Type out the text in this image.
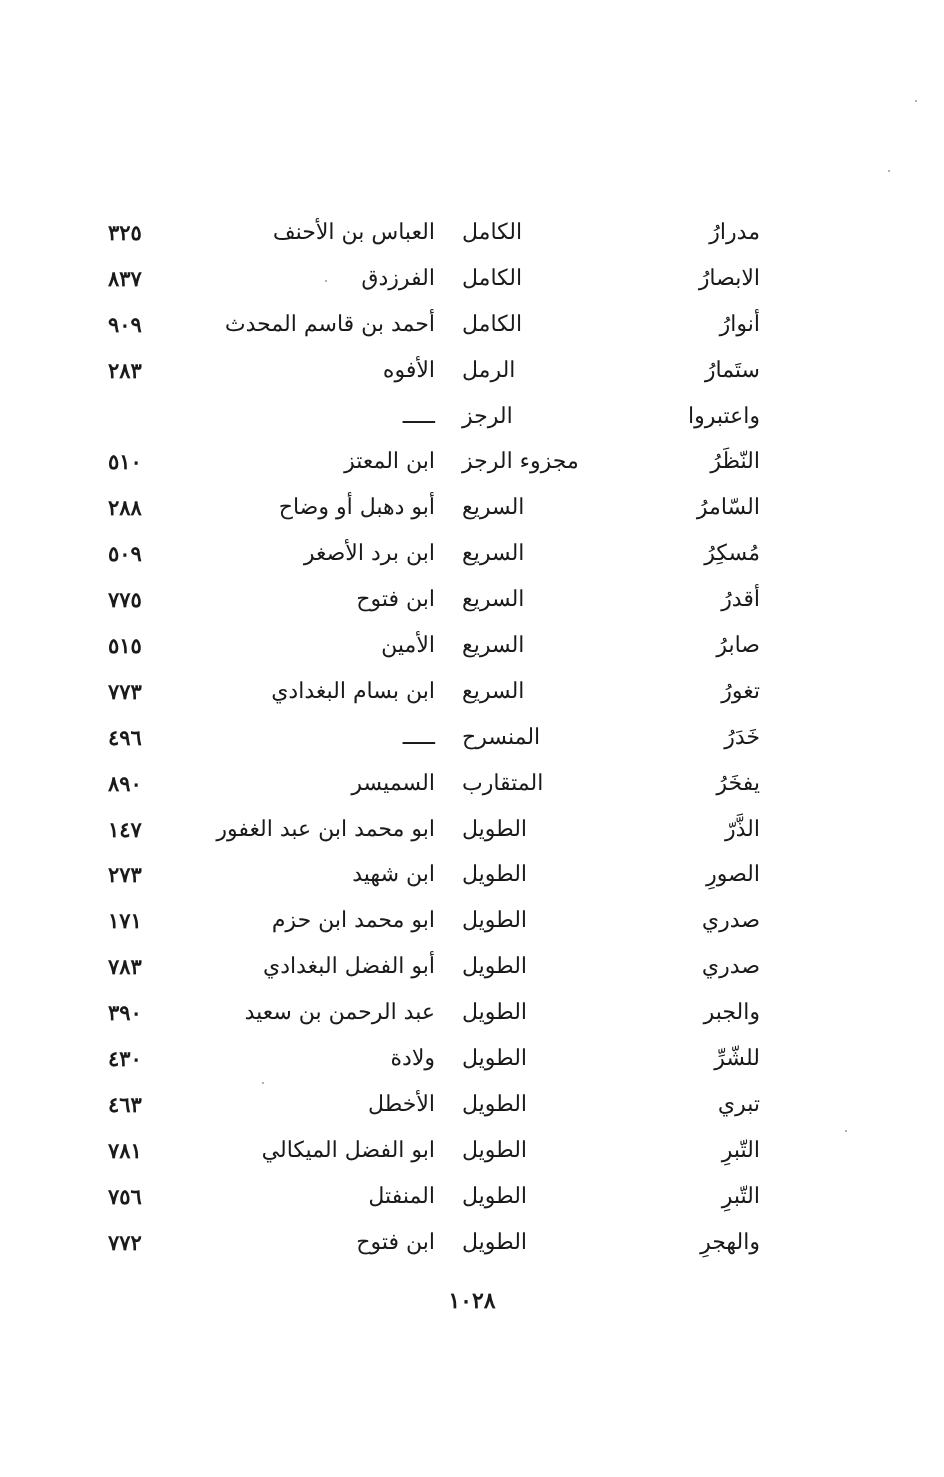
مدرارُ
الكامل
العباس بن الأحنف
٣٢٥
الابصارُ
الكامل
الفرزدق
٨٣٧
أنوارُ
الكامل
أحمد بن قاسم المحدث
٩٠٩
ستَمارُ
الرمل
الأفوه
٢٨٣
واعتبروا
الرجز
ـــــ
النّظَرُ
مجزوء الرجز
ابن المعتز
٥١٠
السّامرُ
السريع
أبو دهبل أو وضاح
٢٨٨
مُسكِرُ
السريع
ابن برد الأصغر
٥٠٩
أقدرُ
السريع
ابن فتوح
٧٧٥
صابرُ
السريع
الأمين
٥١٥
تغورُ
السريع
ابن بسام البغدادي
٧٧٣
خَدَرُ
المنسرح
ـــــ
٤٩٦
يفخَرُ
المتقارب
السميسر
٨٩٠
الذَّرّ
الطويل
ابو محمد ابن عبد الغفور
١٤٧
الصورِ
الطويل
ابن شهيد
٢٧٣
صدري
الطويل
ابو محمد ابن حزم
١٧١
صدري
الطويل
أبو الفضل البغدادي
٧٨٣
والجبر
الطويل
عبد الرحمن بن سعيد
٣٩٠
للشّرِّ
الطويل
ولادة
٤٣٠
تبري
الطويل
الأخطل
٤٦٣
التّبرِ
الطويل
ابو الفضل الميكالي
٧٨١
التّبرِ
الطويل
المنفتل
٧٥٦
والهجرِ
الطويل
ابن فتوح
٧٧٢
١٠٢٨
